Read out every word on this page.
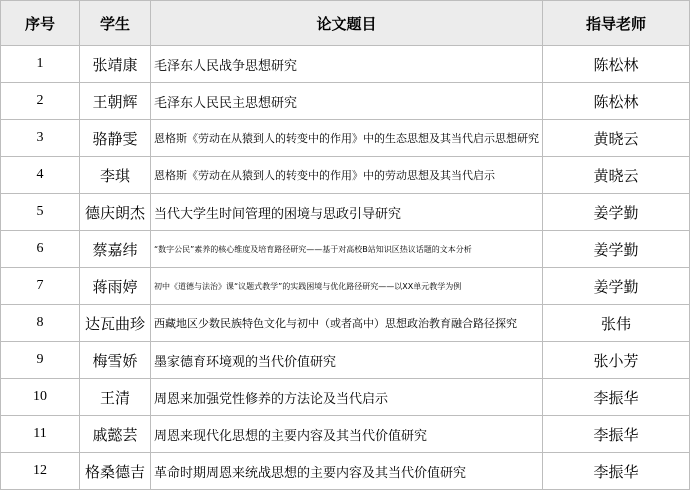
序号	学生	论文题目	指导老师
1	张靖康	毛泽东人民战争思想研究	陈松林
2	王朝辉	毛泽东人民民主思想研究	陈松林
3	骆静雯	恩格斯《劳动在从猿到人的转变中的作用》中的生态思想及其当代启示思想研究	黄晓云
4	李琪	恩格斯《劳动在从猿到人的转变中的作用》中的劳动思想及其当代启示	黄晓云
5	德庆朗杰	当代大学生时间管理的困境与思政引导研究	姜学勤
6	蔡嘉纬	“数字公民”素养的核心维度及培育路径研究——基于对高校B站知识区热议话题的文本分析	姜学勤
7	蒋雨婷	初中《道德与法治》课“议题式教学”的实践困境与优化路径研究——以XX单元教学为例	姜学勤
8	达瓦曲珍	西藏地区少数民族特色文化与初中（或者高中）思想政治教育融合路径探究	张伟
9	梅雪娇	墨家德育环境观的当代价值研究	张小芳
10	王清	周恩来加强党性修养的方法论及当代启示	李振华
11	戚懿芸	周恩来现代化思想的主要内容及其当代价值研究	李振华
12	格桑德吉	革命时期周恩来统战思想的主要内容及其当代价值研究	李振华
